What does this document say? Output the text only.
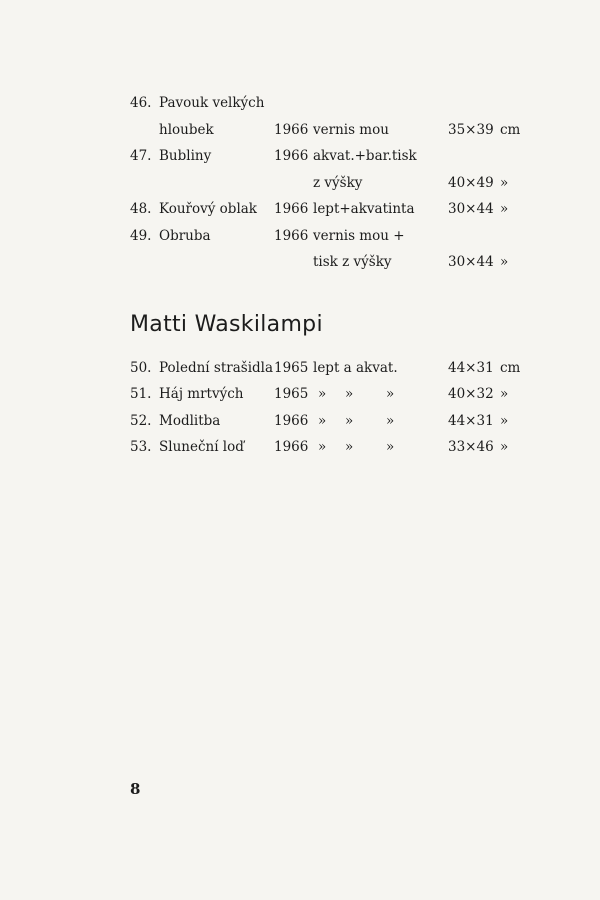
46. Pavouk velkých
hloubek	1966 vernis mou	35×39 cm
47. Bubliny	1966 akvat.+bar.tisk
z výšky	40×49 »
48. Kouřový oblak 1966 lept+akvatinta 30×44 »
49. Obruba	1966 vernis mou +
tisk z výšky	30×44 »
Matti Waskilampi
50. Polední strašidla 1965 lept a akvat.	44×31 cm
51. Háj mrtvých 1965 » » »	40×32 »
52. Modlitba	1966 » » »	44×31 »
53. Sluneční loď 1966 » » »	33×46 »
8
